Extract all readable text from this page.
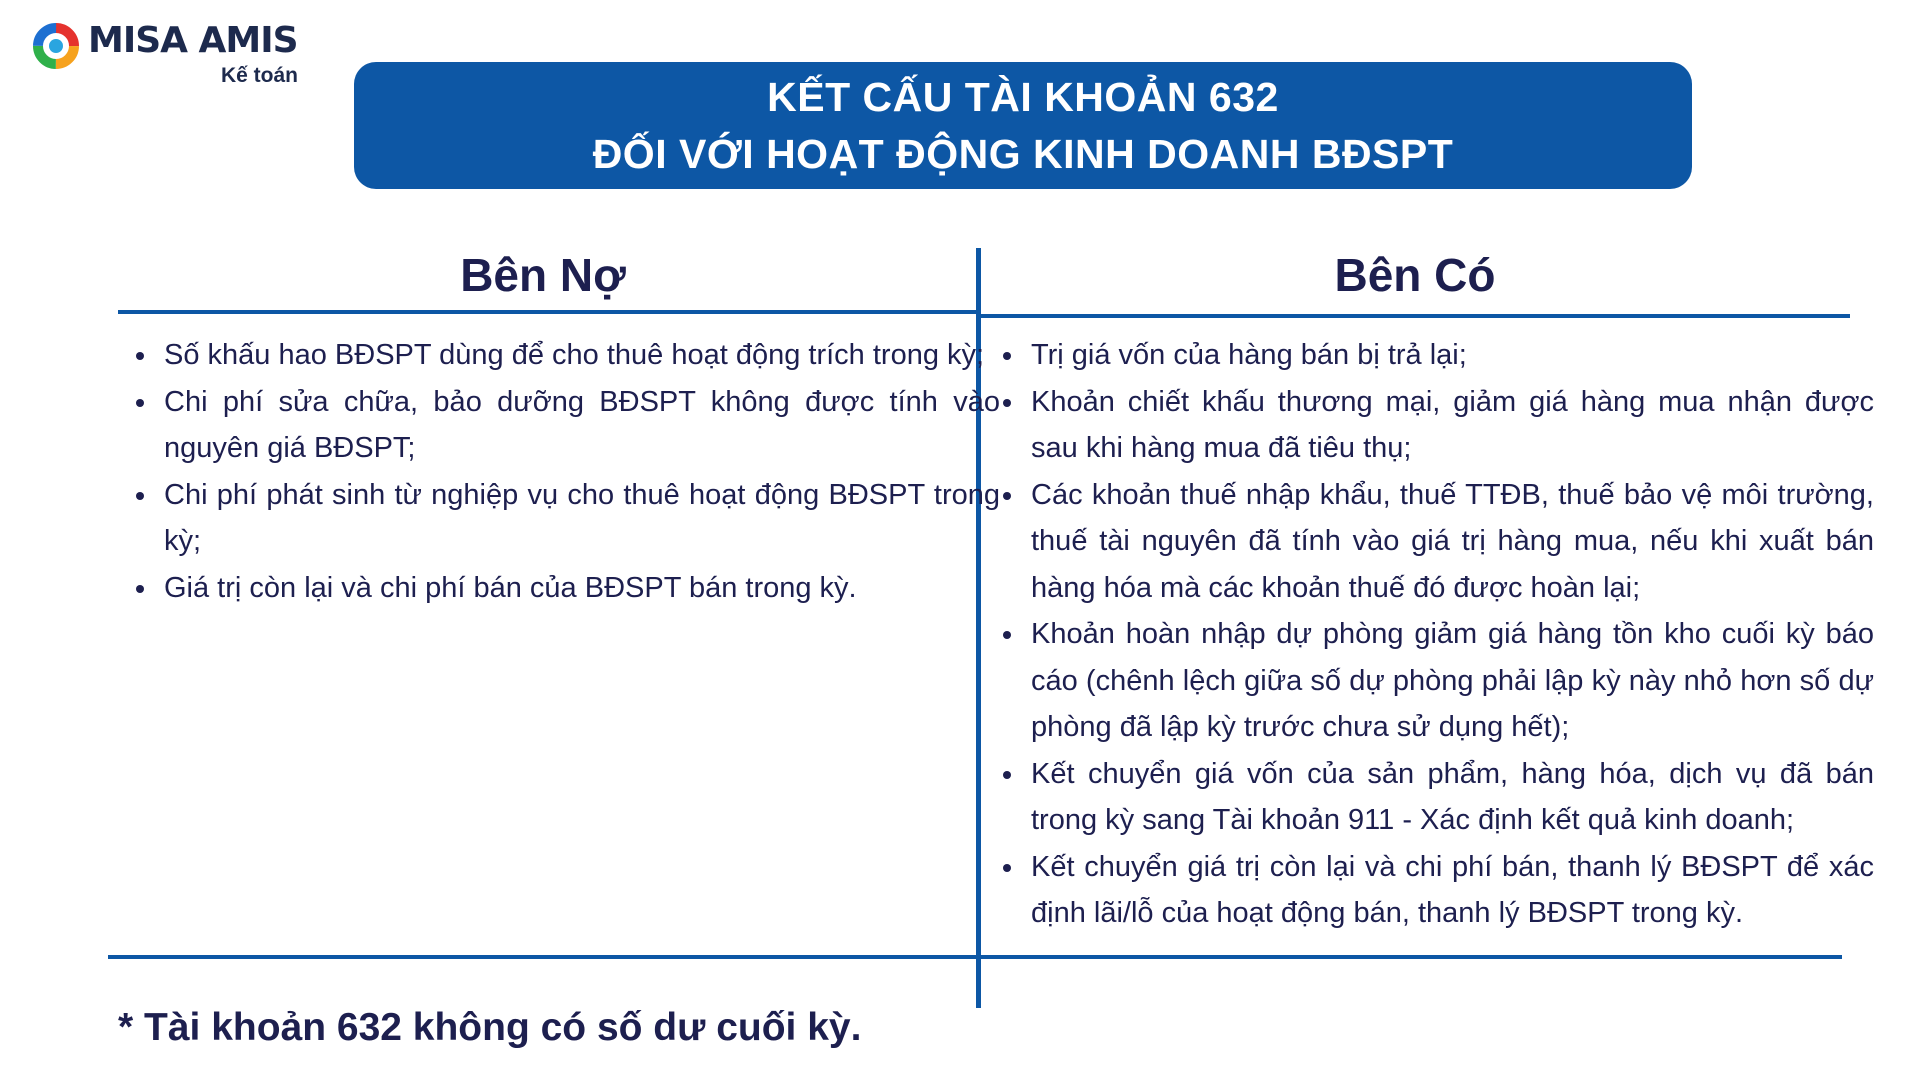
MISA AMIS
Kế toán	KẾT CẤU TÀI KHOẢN 632
ĐỐI VỚI HOẠT ĐỘNG KINH DOANH BĐSPT
Bên Nợ	Bên Có
Số khấu hao BĐSPT dùng để cho thuê hoạt động trích trong kỳ;
Chi phí sửa chữa, bảo dưỡng BĐSPT không được tính vào nguyên giá BĐSPT;
Chi phí phát sinh từ nghiệp vụ cho thuê hoạt động BĐSPT trong kỳ;
Giá trị còn lại và chi phí bán của BĐSPT bán trong kỳ.
Trị giá vốn của hàng bán bị trả lại;
Khoản chiết khấu thương mại, giảm giá hàng mua nhận được sau khi hàng mua đã tiêu thụ;
Các khoản thuế nhập khẩu, thuế TTĐB, thuế bảo vệ môi trường, thuế tài nguyên đã tính vào giá trị hàng mua, nếu khi xuất bán hàng hóa mà các khoản thuế đó được hoàn lại;
Khoản hoàn nhập dự phòng giảm giá hàng tồn kho cuối kỳ báo cáo (chênh lệch giữa số dự phòng phải lập kỳ này nhỏ hơn số dự phòng đã lập kỳ trước chưa sử dụng hết);
Kết chuyển giá vốn của sản phẩm, hàng hóa, dịch vụ đã bán trong kỳ sang Tài khoản 911 - Xác định kết quả kinh doanh;
Kết chuyển giá trị còn lại và chi phí bán, thanh lý BĐSPT để xác định lãi/lỗ của hoạt động bán, thanh lý BĐSPT trong kỳ.
* Tài khoản 632 không có số dư cuối kỳ.
